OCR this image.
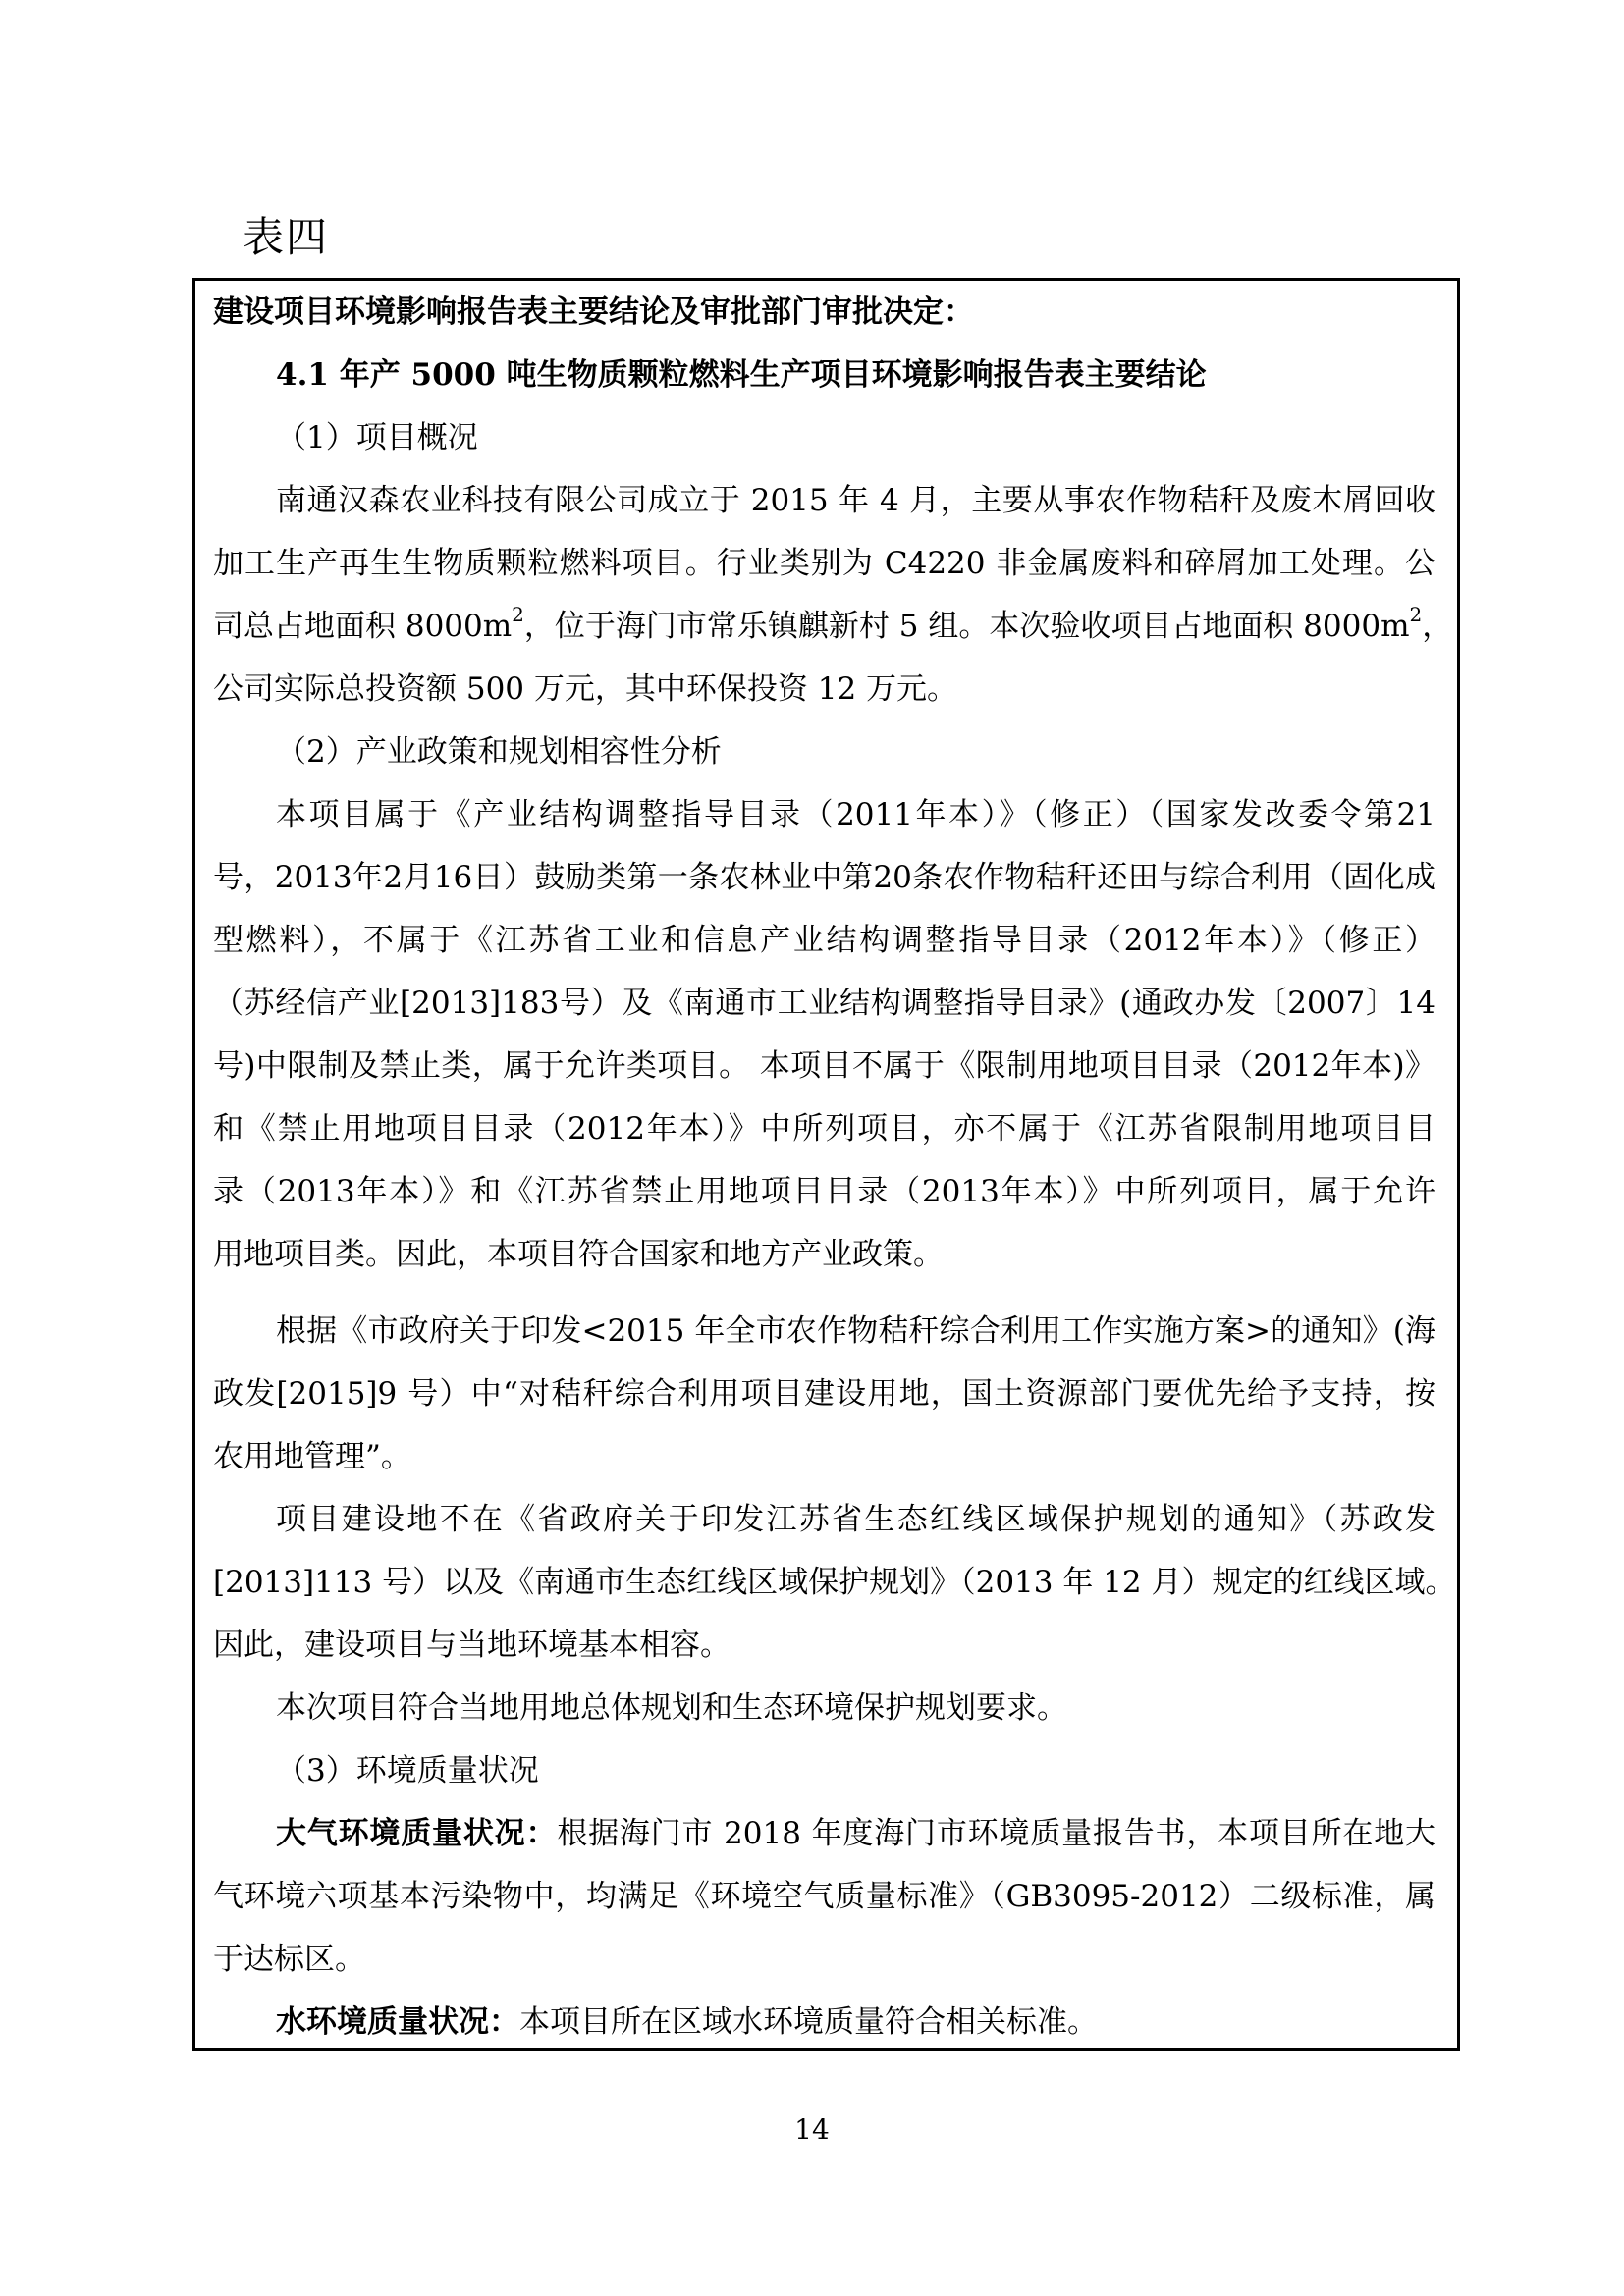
表四
建设项目环境影响报告表主要结论及审批部门审批决定：
4.1 年产 5000 吨生物质颗粒燃料生产项目环境影响报告表主要结论
（1）项目概况
南通汉森农业科技有限公司成立于 2015 年 4 月，主要从事农作物秸秆及废木屑回收
加工生产再生生物质颗粒燃料项目。行业类别为 C4220 非金属废料和碎屑加工处理。公
司总占地面积 $8000m^2$，位于海门市常乐镇麒新村 5 组。本次验收项目占地面积 $8000m^2$，
公司实际总投资额 500 万元，其中环保投资 12 万元。
（2）产业政策和规划相容性分析
本项目属于《产业结构调整指导目录（2011年本）》（修正）（国家发改委令第21
号，2013年2月16日）鼓励类第一条农林业中第20条农作物秸秆还田与综合利用（固化成
型燃料），不属于《江苏省工业和信息产业结构调整指导目录（2012年本）》（修正）
（苏经信产业[2013]183号）及《南通市工业结构调整指导目录》(通政办发〔2007〕14
号)中限制及禁止类，属于允许类项目。 本项目不属于《限制用地项目目录（2012年本)》
和《禁止用地项目目录（2012年本）》中所列项目，亦不属于《江苏省限制用地项目目
录（2013年本）》和《江苏省禁止用地项目目录（2013年本）》中所列项目，属于允许
用地项目类。因此，本项目符合国家和地方产业政策。
根据《市政府关于印发<2015 年全市农作物秸秆综合利用工作实施方案>的通知》(海
政发[2015]9 号）中“对秸秆综合利用项目建设用地，国土资源部门要优先给予支持，按
农用地管理”。
项目建设地不在《省政府关于印发江苏省生态红线区域保护规划的通知》（苏政发
[2013]113 号）以及《南通市生态红线区域保护规划》（2013 年 12 月）规定的红线区域。
因此，建设项目与当地环境基本相容。
本次项目符合当地用地总体规划和生态环境保护规划要求。
（3）环境质量状况
大气环境质量状况：根据海门市 2018 年度海门市环境质量报告书，本项目所在地大
气环境六项基本污染物中，均满足《环境空气质量标准》（GB3095-2012）二级标准，属
于达标区。
水环境质量状况：本项目所在区域水环境质量符合相关标准。
14
